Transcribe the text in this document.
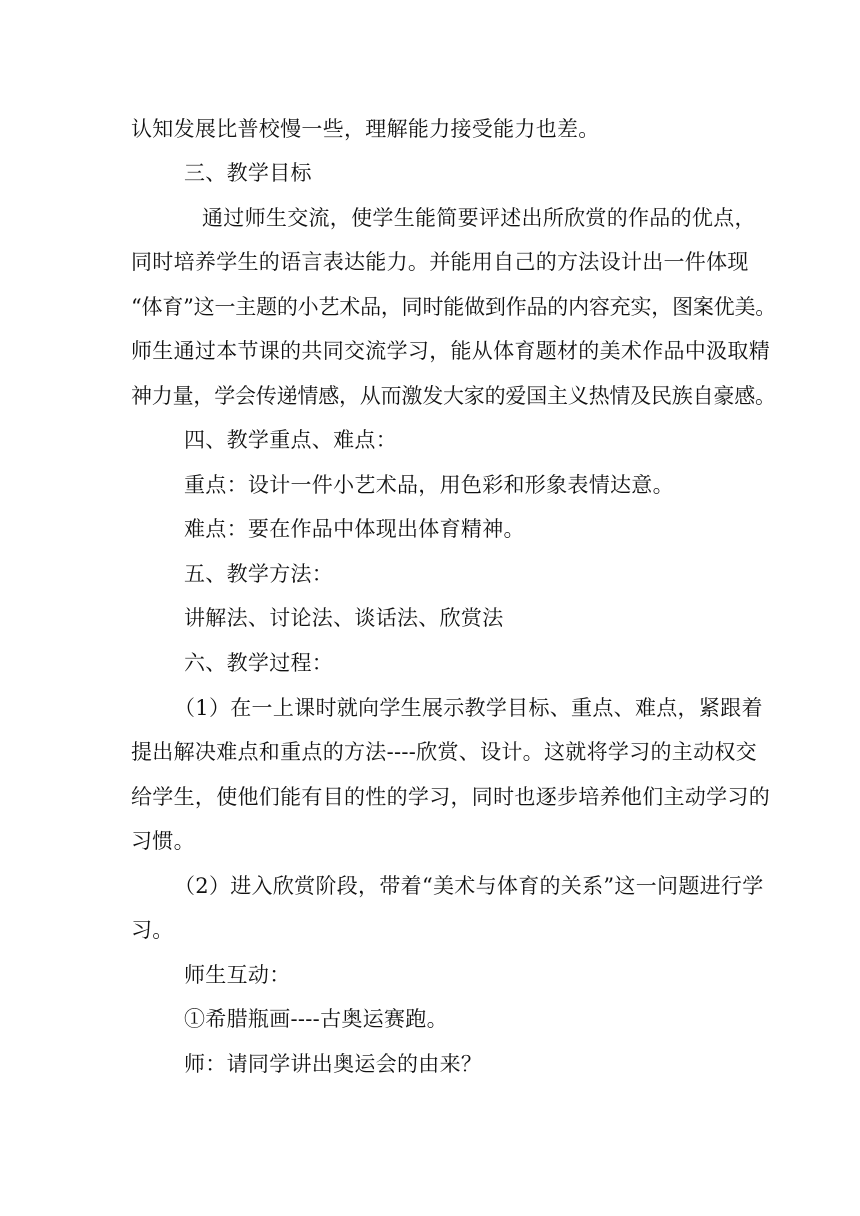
认知发展比普校慢一些，理解能力接受能力也差。
三、教学目标
通过师生交流，使学生能简要评述出所欣赏的作品的优点，
同时培养学生的语言表达能力。并能用自己的方法设计出一件体现
“体育”这一主题的小艺术品，同时能做到作品的内容充实，图案优美。
师生通过本节课的共同交流学习，能从体育题材的美术作品中汲取精
神力量，学会传递情感，从而激发大家的爱国主义热情及民族自豪感。
四、教学重点、难点：
重点：设计一件小艺术品，用色彩和形象表情达意。
难点：要在作品中体现出体育精神。
五、教学方法：
讲解法、讨论法、谈话法、欣赏法
六、教学过程：
（1）在一上课时就向学生展示教学目标、重点、难点，紧跟着
提出解决难点和重点的方法----欣赏、设计。这就将学习的主动权交
给学生，使他们能有目的性的学习，同时也逐步培养他们主动学习的
习惯。
（2）进入欣赏阶段，带着“美术与体育的关系”这一问题进行学
习。
师生互动：
①希腊瓶画----古奥运赛跑。
师：请同学讲出奥运会的由来？
